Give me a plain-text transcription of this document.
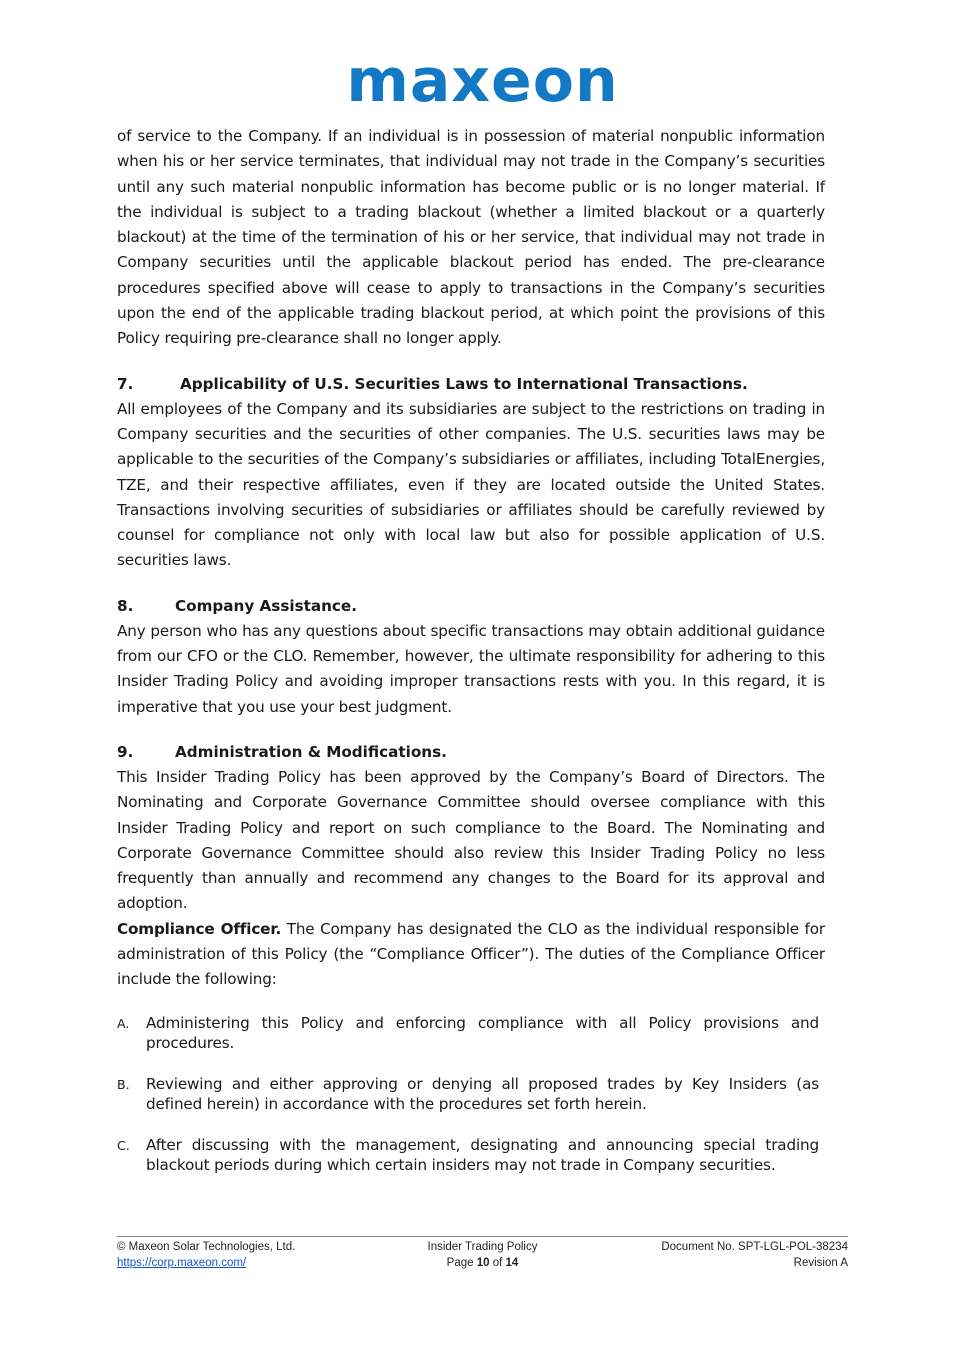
maxeon

of service to the Company. If an individual is in possession of material nonpublic information when his or her service terminates, that individual may not trade in the Company’s securities until any such material nonpublic information has become public or is no longer material. If the individual is subject to a trading blackout (whether a limited blackout or a quarterly blackout) at the time of the termination of his or her service, that individual may not trade in Company securities until the applicable blackout period has ended. The pre-clearance procedures specified above will cease to apply to transactions in the Company’s securities upon the end of the applicable trading blackout period, at which point the provisions of this Policy requiring pre-clearance shall no longer apply.

7.	Applicability of U.S. Securities Laws to International Transactions.

All employees of the Company and its subsidiaries are subject to the restrictions on trading in Company securities and the securities of other companies. The U.S. securities laws may be applicable to the securities of the Company’s subsidiaries or affiliates, including TotalEnergies, TZE, and their respective affiliates, even if they are located outside the United States. Transactions involving securities of subsidiaries or affiliates should be carefully reviewed by counsel for compliance not only with local law but also for possible application of U.S. securities laws.

8.	Company Assistance.

Any person who has any questions about specific transactions may obtain additional guidance from our CFO or the CLO. Remember, however, the ultimate responsibility for adhering to this Insider Trading Policy and avoiding improper transactions rests with you. In this regard, it is imperative that you use your best judgment.

9.	Administration & Modifications.

This Insider Trading Policy has been approved by the Company’s Board of Directors. The Nominating and Corporate Governance Committee should oversee compliance with this Insider Trading Policy and report on such compliance to the Board. The Nominating and Corporate Governance Committee should also review this Insider Trading Policy no less frequently than annually and recommend any changes to the Board for its approval and adoption.

Compliance Officer. The Company has designated the CLO as the individual responsible for administration of this Policy (the “Compliance Officer”). The duties of the Compliance Officer include the following:

A.	Administering this Policy and enforcing compliance with all Policy provisions and procedures.
B.	Reviewing and either approving or denying all proposed trades by Key Insiders (as defined herein) in accordance with the procedures set forth herein.
C.	After discussing with the management, designating and announcing special trading blackout periods during which certain insiders may not trade in Company securities.
© Maxeon Solar Technologies, Ltd.	Insider Trading Policy	Document No. SPT-LGL-POL-38234
https://corp.maxeon.com/	Page 10 of 14	Revision A
